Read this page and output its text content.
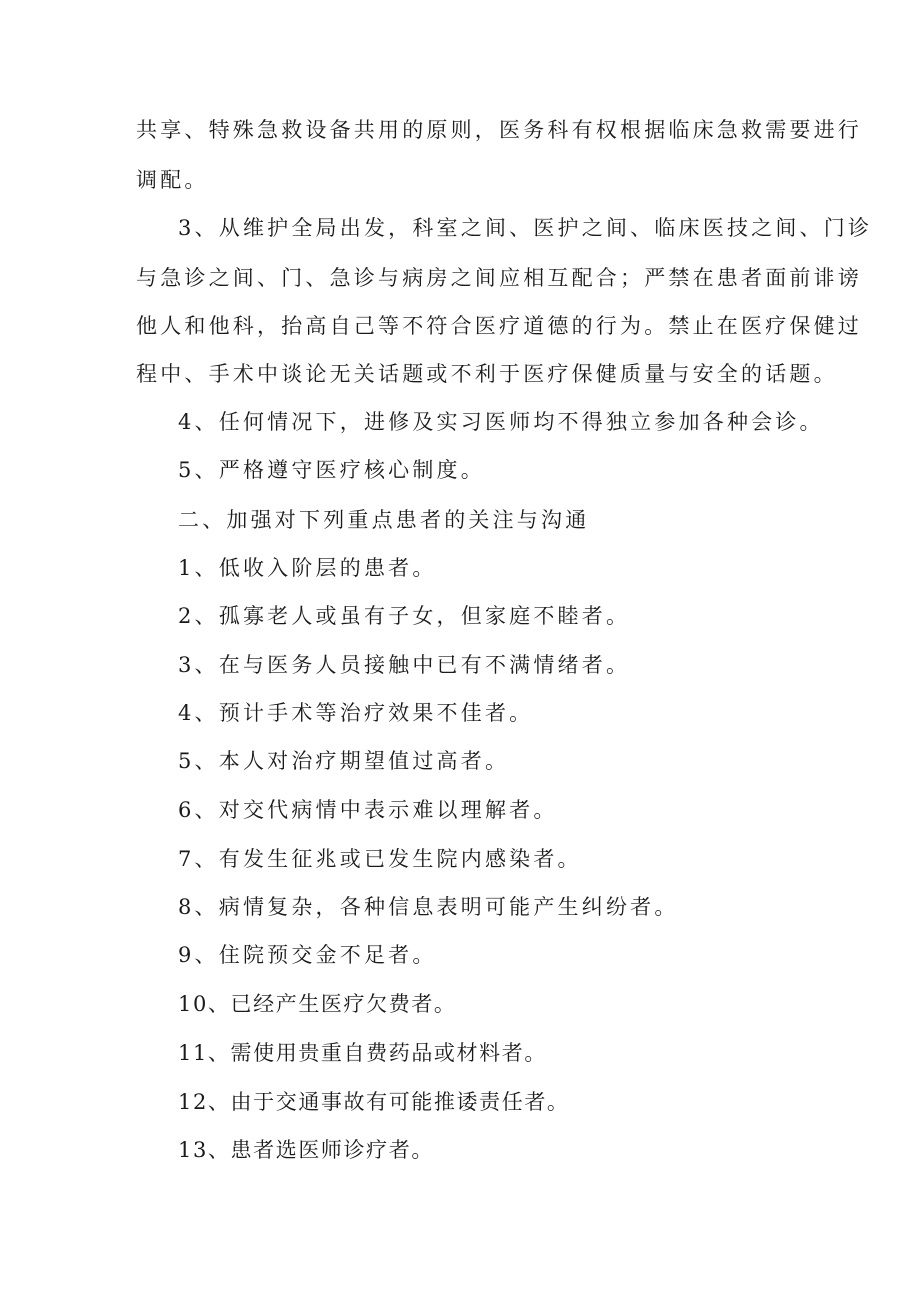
共享、特殊急救设备共用的原则，医务科有权根据临床急救需要进行
调配。
3、从维护全局出发，科室之间、医护之间、临床医技之间、门诊
与急诊之间、门、急诊与病房之间应相互配合；严禁在患者面前诽谤
他人和他科，抬高自己等不符合医疗道德的行为。禁止在医疗保健过
程中、手术中谈论无关话题或不利于医疗保健质量与安全的话题。
4、任何情况下，进修及实习医师均不得独立参加各种会诊。
5、严格遵守医疗核心制度。
二、加强对下列重点患者的关注与沟通
1、低收入阶层的患者。
2、孤寡老人或虽有子女，但家庭不睦者。
3、在与医务人员接触中已有不满情绪者。
4、预计手术等治疗效果不佳者。
5、本人对治疗期望值过高者。
6、对交代病情中表示难以理解者。
7、有发生征兆或已发生院内感染者。
8、病情复杂，各种信息表明可能产生纠纷者。
9、住院预交金不足者。
10、已经产生医疗欠费者。
11、需使用贵重自费药品或材料者。
12、由于交通事故有可能推诿责任者。
13、患者选医师诊疗者。
